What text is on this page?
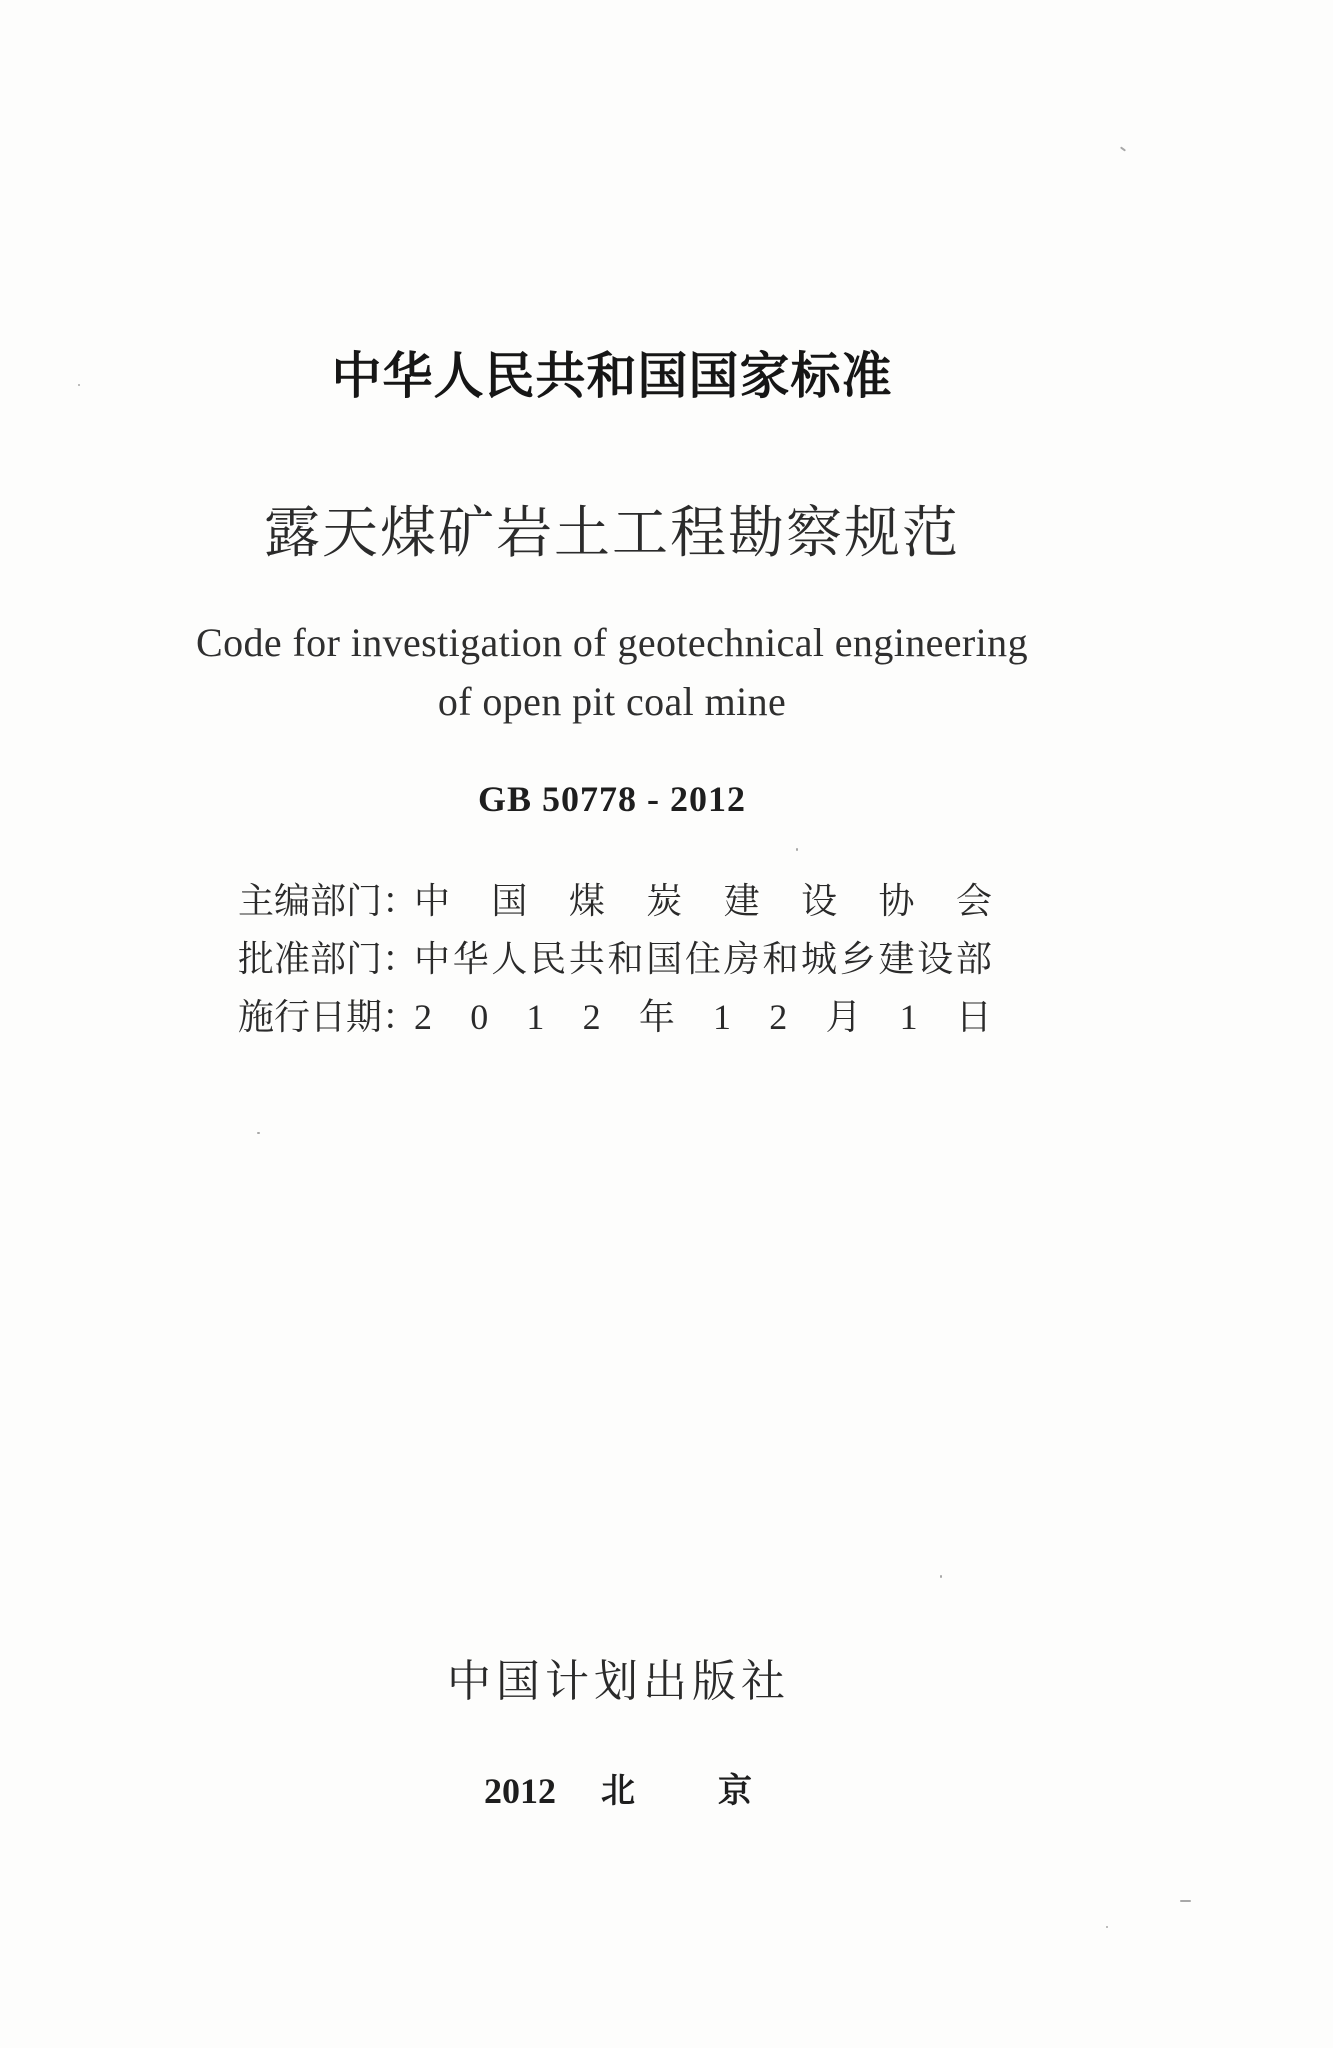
中华人民共和国国家标准
露天煤矿岩土工程勘察规范
Code for investigation of geotechnical engineering
of open pit coal mine
GB 50778 - 2012
主编部门：
中 国 煤 炭 建 设 协 会
批准部门：
中 华 人 民 共 和 国 住 房 和 城 乡 建 设 部
施行日期：
2 0 1 2 年 1 2 月 1 日
中国计划出版社
2012 北 京
